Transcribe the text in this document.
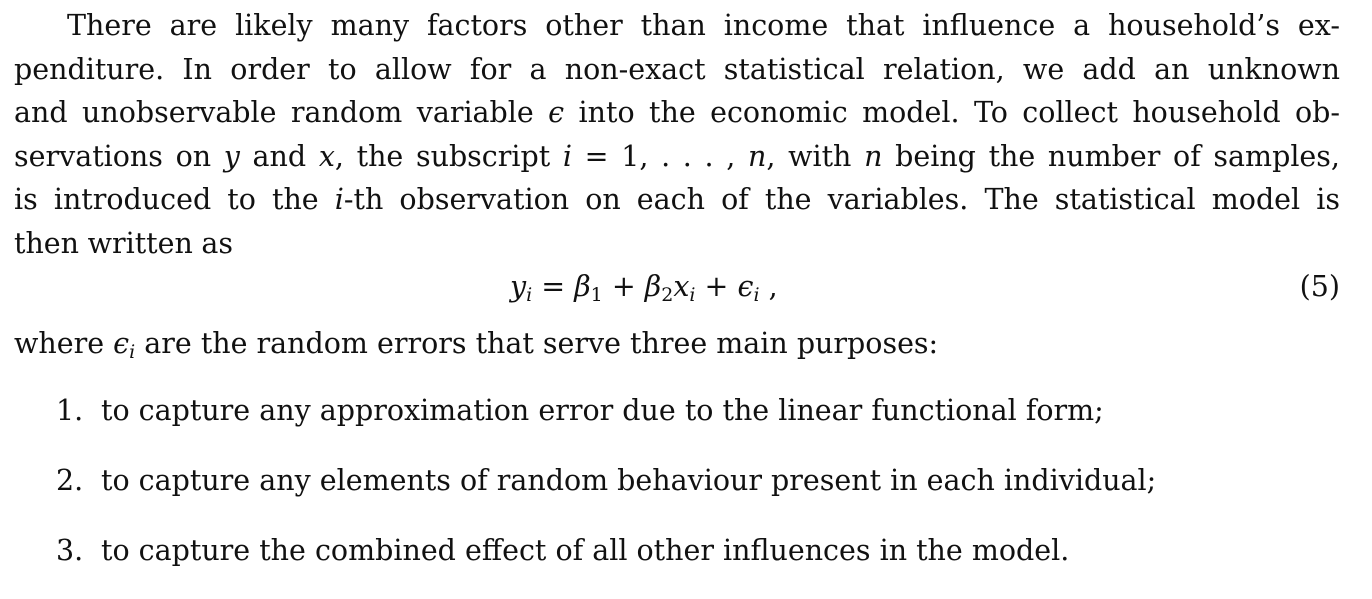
There are likely many factors other than income that influence a household’s ex-
penditure. In order to allow for a non-exact statistical relation, we add an unknown
and unobservable random variable ϵ into the economic model. To collect household ob-
servations on y and x, the subscript i = 1, . . . , n, with n being the number of samples,
is introduced to the i-th observation on each of the variables. The statistical model is
then written as

$y_i = \beta_1 + \beta_2x_i + \epsilon_i$ ,	(5)
where $\epsilon_i$ are the random errors that serve three main purposes:
1. to capture any approximation error due to the linear functional form;
2. to capture any elements of random behaviour present in each individual;
3. to capture the combined effect of all other influences in the model.
